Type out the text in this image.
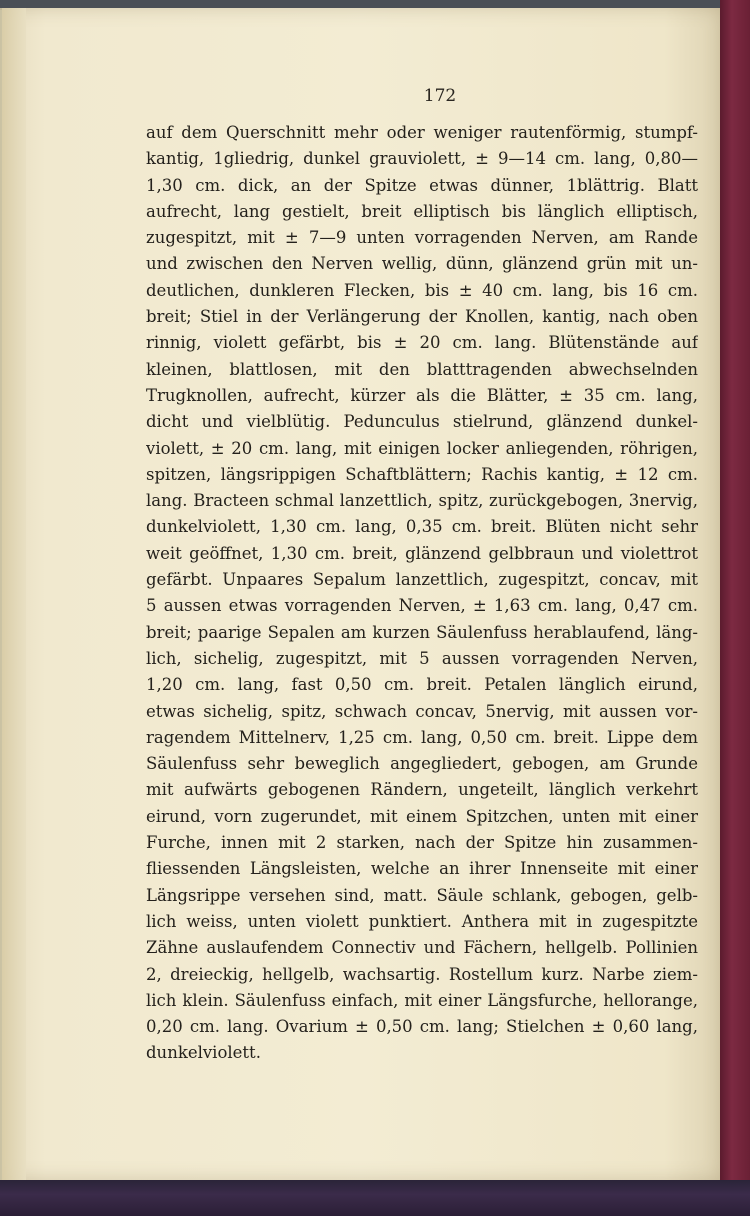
172
auf dem Querschnitt mehr oder weniger rautenförmig, stumpf-
kantig, 1gliedrig, dunkel grauviolett, ± 9—14 cm. lang, 0,80—
1,30 cm. dick, an der Spitze etwas dünner, 1blättrig. Blatt
aufrecht, lang gestielt, breit elliptisch bis länglich elliptisch,
zugespitzt, mit ± 7—9 unten vorragenden Nerven, am Rande
und zwischen den Nerven wellig, dünn, glänzend grün mit un-
deutlichen, dunkleren Flecken, bis ± 40 cm. lang, bis 16 cm.
breit; Stiel in der Verlängerung der Knollen, kantig, nach oben
rinnig, violett gefärbt, bis ± 20 cm. lang. Blütenstände auf
kleinen, blattlosen, mit den blatttragenden abwechselnden
Trugknollen, aufrecht, kürzer als die Blätter, ± 35 cm. lang,
dicht und vielblütig. Pedunculus stielrund, glänzend dunkel-
violett, ± 20 cm. lang, mit einigen locker anliegenden, röhrigen,
spitzen, längsrippigen Schaftblättern; Rachis kantig, ± 12 cm.
lang. Bracteen schmal lanzettlich, spitz, zurückgebogen, 3nervig,
dunkelviolett, 1,30 cm. lang, 0,35 cm. breit. Blüten nicht sehr
weit geöffnet, 1,30 cm. breit, glänzend gelbbraun und violettrot
gefärbt. Unpaares Sepalum lanzettlich, zugespitzt, concav, mit
5 aussen etwas vorragenden Nerven, ± 1,63 cm. lang, 0,47 cm.
breit; paarige Sepalen am kurzen Säulenfuss herablaufend, läng-
lich, sichelig, zugespitzt, mit 5 aussen vorragenden Nerven,
1,20 cm. lang, fast 0,50 cm. breit. Petalen länglich eirund,
etwas sichelig, spitz, schwach concav, 5nervig, mit aussen vor-
ragendem Mittelnerv, 1,25 cm. lang, 0,50 cm. breit. Lippe dem
Säulenfuss sehr beweglich angegliedert, gebogen, am Grunde
mit aufwärts gebogenen Rändern, ungeteilt, länglich verkehrt
eirund, vorn zugerundet, mit einem Spitzchen, unten mit einer
Furche, innen mit 2 starken, nach der Spitze hin zusammen-
fliessenden Längsleisten, welche an ihrer Innenseite mit einer
Längsrippe versehen sind, matt. Säule schlank, gebogen, gelb-
lich weiss, unten violett punktiert. Anthera mit in zugespitzte
Zähne auslaufendem Connectiv und Fächern, hellgelb. Pollinien
2, dreieckig, hellgelb, wachsartig. Rostellum kurz. Narbe ziem-
lich klein. Säulenfuss einfach, mit einer Längsfurche, hellorange,
0,20 cm. lang. Ovarium ± 0,50 cm. lang; Stielchen ± 0,60 lang,
dunkelviolett.
